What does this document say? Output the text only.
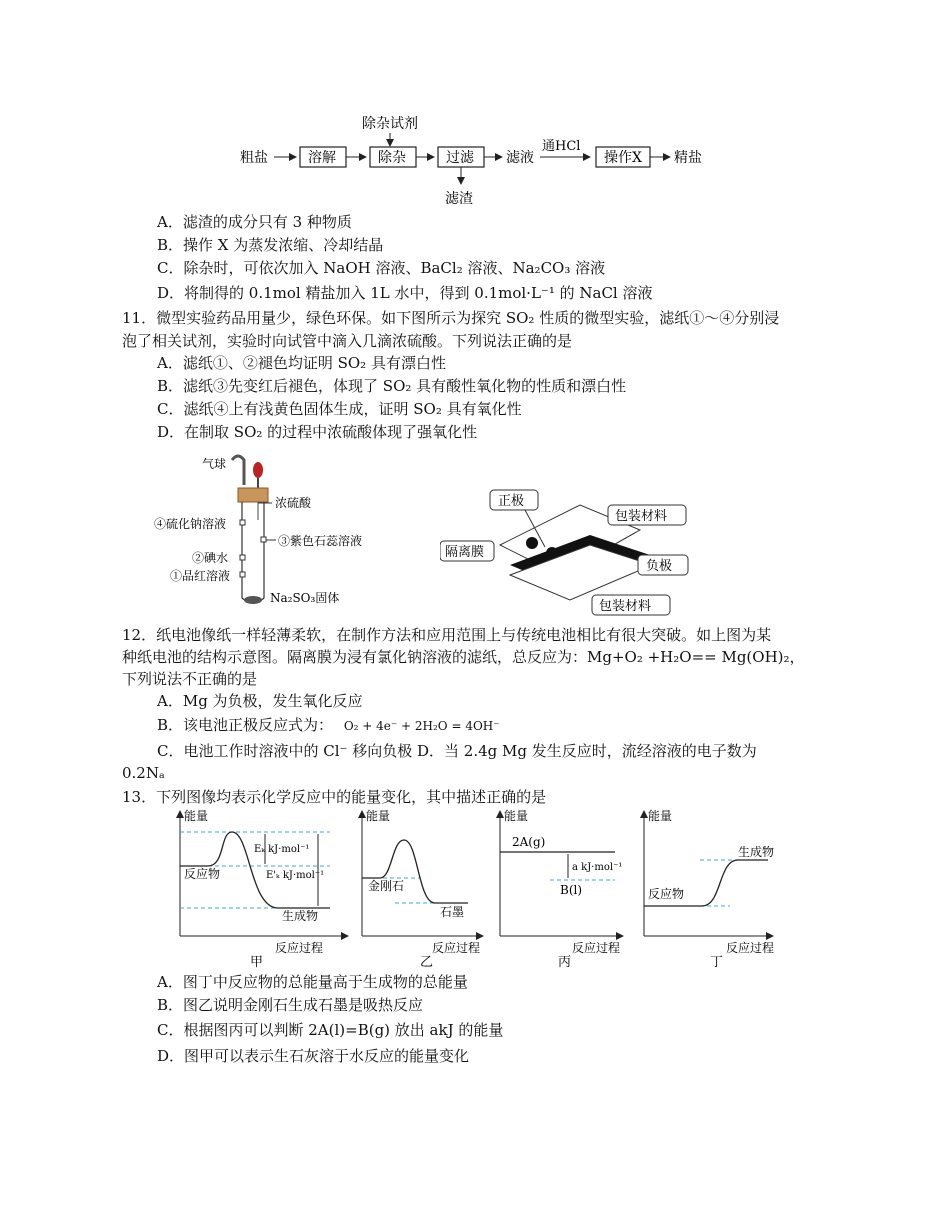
除杂试剂
粗盐	溶解	除杂	过滤
滤渣
滤液
通HCl
操作X 精盐
A．滤渣的成分只有 3 种物质
B．操作 X 为蒸发浓缩、冷却结晶
C．除杂时，可依次加入 NaOH 溶液、BaCl₂ 溶液、Na₂CO₃ 溶液
D．将制得的 0.1mol 精盐加入 1L 水中，得到 0.1mol·L⁻¹ 的 NaCl 溶液
11．微型实验药品用量少，绿色环保。如下图所示为探究 SO₂ 性质的微型实验，滤纸①～④分别浸
泡了相关试剂，实验时向试管中滴入几滴浓硫酸。下列说法正确的是
A．滤纸①、②褪色均证明 SO₂ 具有漂白性
B．滤纸③先变红后褪色，体现了 SO₂ 具有酸性氧化物的性质和漂白性
C．滤纸④上有浅黄色固体生成，证明 SO₂ 具有氧化性
D．在制取 SO₂ 的过程中浓硫酸体现了强氧化性
气球
浓硫酸
④硫化钠溶液
③紫色石蕊溶液
②碘水
①品红溶液
Na₂SO₃固体
正极
包装材料
隔离膜
负极
包装材料
12．纸电池像纸一样轻薄柔软，在制作方法和应用范围上与传统电池相比有很大突破。如上图为某
种纸电池的结构示意图。隔离膜为浸有氯化钠溶液的滤纸，总反应为：Mg+O₂ +H₂O== Mg(OH)₂，
下列说法不正确的是
A．Mg 为负极，发生氧化反应
B．该电池正极反应式为： O₂ + 4e⁻ + 2H₂O = 4OH⁻
C．电池工作时溶液中的 Cl⁻ 移向负极 D．当 2.4g Mg 发生反应时，流经溶液的电子数为
0.2Nₐ
13．下列图像均表示化学反应中的能量变化，其中描述正确的是
能量
反应过程
反应物
生成物
Eₖ kJ·mol⁻¹
E'ₖ kJ·mol⁻¹
甲
能量
反应过程
金刚石
石墨
乙
能量
反应过程
2A(g)
a kJ·mol⁻¹
B(l)
丙
能量
反应过程
生成物
反应物
丁
A．图丁中反应物的总能量高于生成物的总能量
B．图乙说明金刚石生成石墨是吸热反应
C．根据图丙可以判断 2A(l)=B(g) 放出 akJ 的能量
D．图甲可以表示生石灰溶于水反应的能量变化
